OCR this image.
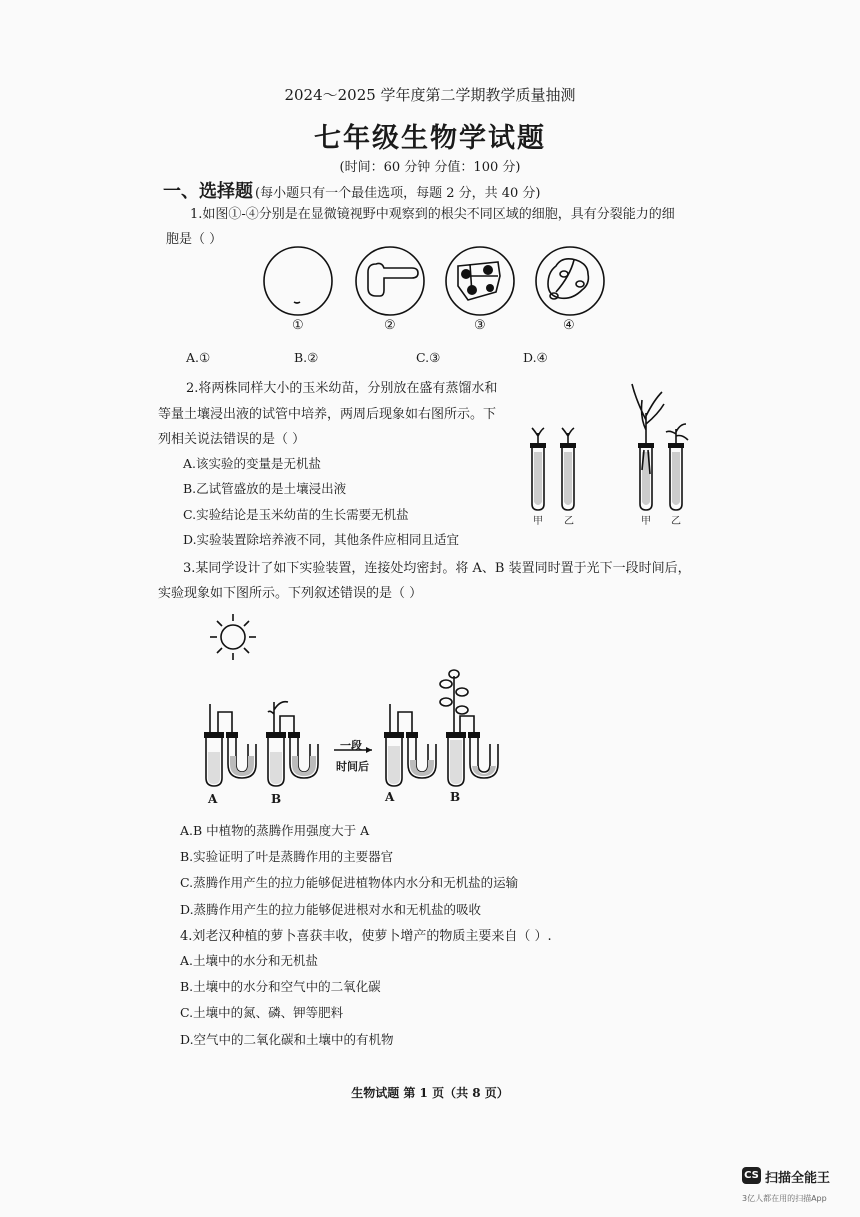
2024～2025 学年度第二学期教学质量抽测
七年级生物学试题
(时间：60 分钟 分值：100 分)
一、选择题 (每小题只有一个最佳选项，每题 2 分，共 40 分)
1.如图①-④分别是在显微镜视野中观察到的根尖不同区域的细胞，具有分裂能力的细
胞是（ ）
①	②	③	④
A.①	B.②	C.③	D.④
2.将两株同样大小的玉米幼苗，分别放在盛有蒸馏水和
等量土壤浸出液的试管中培养，两周后现象如右图所示。下
列相关说法错误的是（ ）
A.该实验的变量是无机盐
B.乙试管盛放的是土壤浸出液
C.实验结论是玉米幼苗的生长需要无机盐
D.实验装置除培养液不同，其他条件应相同且适宜
甲 乙	甲 乙
3.某同学设计了如下实验装置，连接处均密封。将 A、B 装置同时置于光下一段时间后，
实验现象如下图所示。下列叙述错误的是（ ）
一段
时间后
A	B	A	B
A.B 中植物的蒸腾作用强度大于 A
B.实验证明了叶是蒸腾作用的主要器官
C.蒸腾作用产生的拉力能够促进植物体内水分和无机盐的运输
D.蒸腾作用产生的拉力能够促进根对水和无机盐的吸收
4.刘老汉种植的萝卜喜获丰收，使萝卜增产的物质主要来自（ ）.
A.土壤中的水分和无机盐
B.土壤中的水分和空气中的二氧化碳
C.土壤中的氮、磷、钾等肥料
D.空气中的二氧化碳和土壤中的有机物
生物试题 第 1 页（共 8 页）
CS 扫描全能王
3亿人都在用的扫描App
